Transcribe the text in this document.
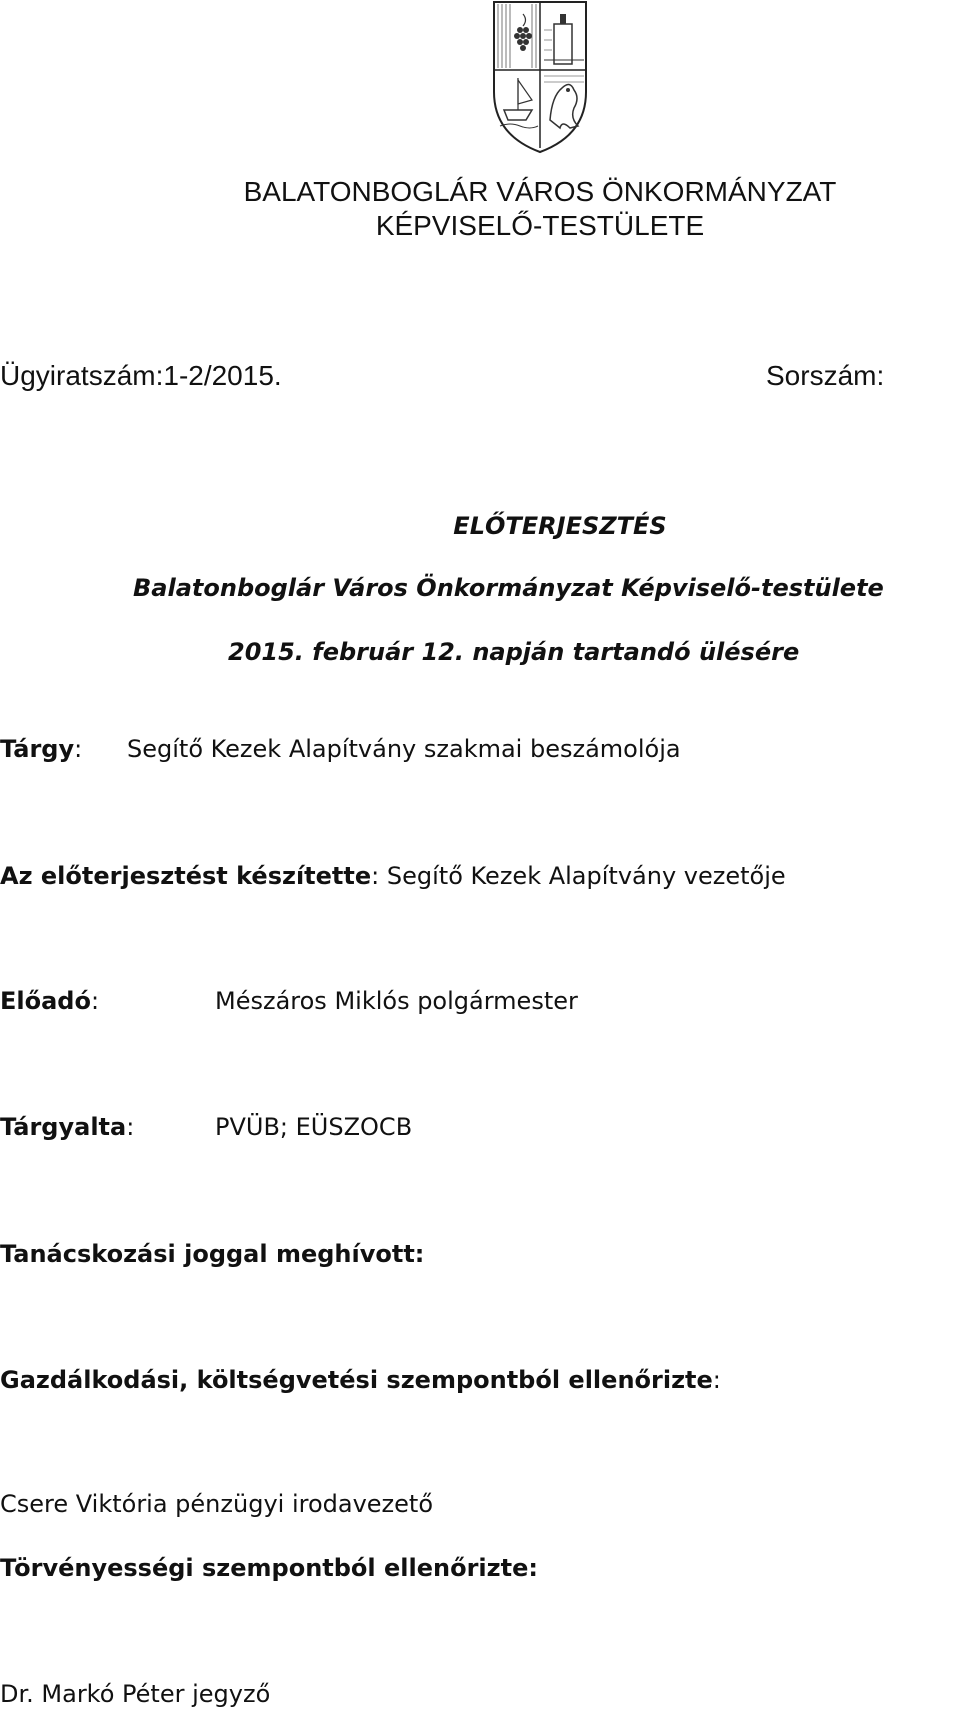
BALATONBOGLÁR VÁROS ÖNKORMÁNYZAT
KÉPVISELŐ-TESTÜLETE
Ügyiratszám:1-2/2015.	Sorszám:
ELŐTERJESZTÉS
Balatonboglár Város Önkormányzat Képviselő-testülete
2015. február 12. napján tartandó ülésére
Tárgy: Segítő Kezek Alapítvány szakmai beszámolója
Az előterjesztést készítette: Segítő Kezek Alapítvány vezetője
Előadó:	Mészáros Miklós polgármester
Tárgyalta:	PVÜB; EÜSZOCB
Tanácskozási joggal meghívott:
Gazdálkodási, költségvetési szempontból ellenőrizte:
Csere Viktória pénzügyi irodavezető
Törvényességi szempontból ellenőrizte:
Dr. Markó Péter jegyző
